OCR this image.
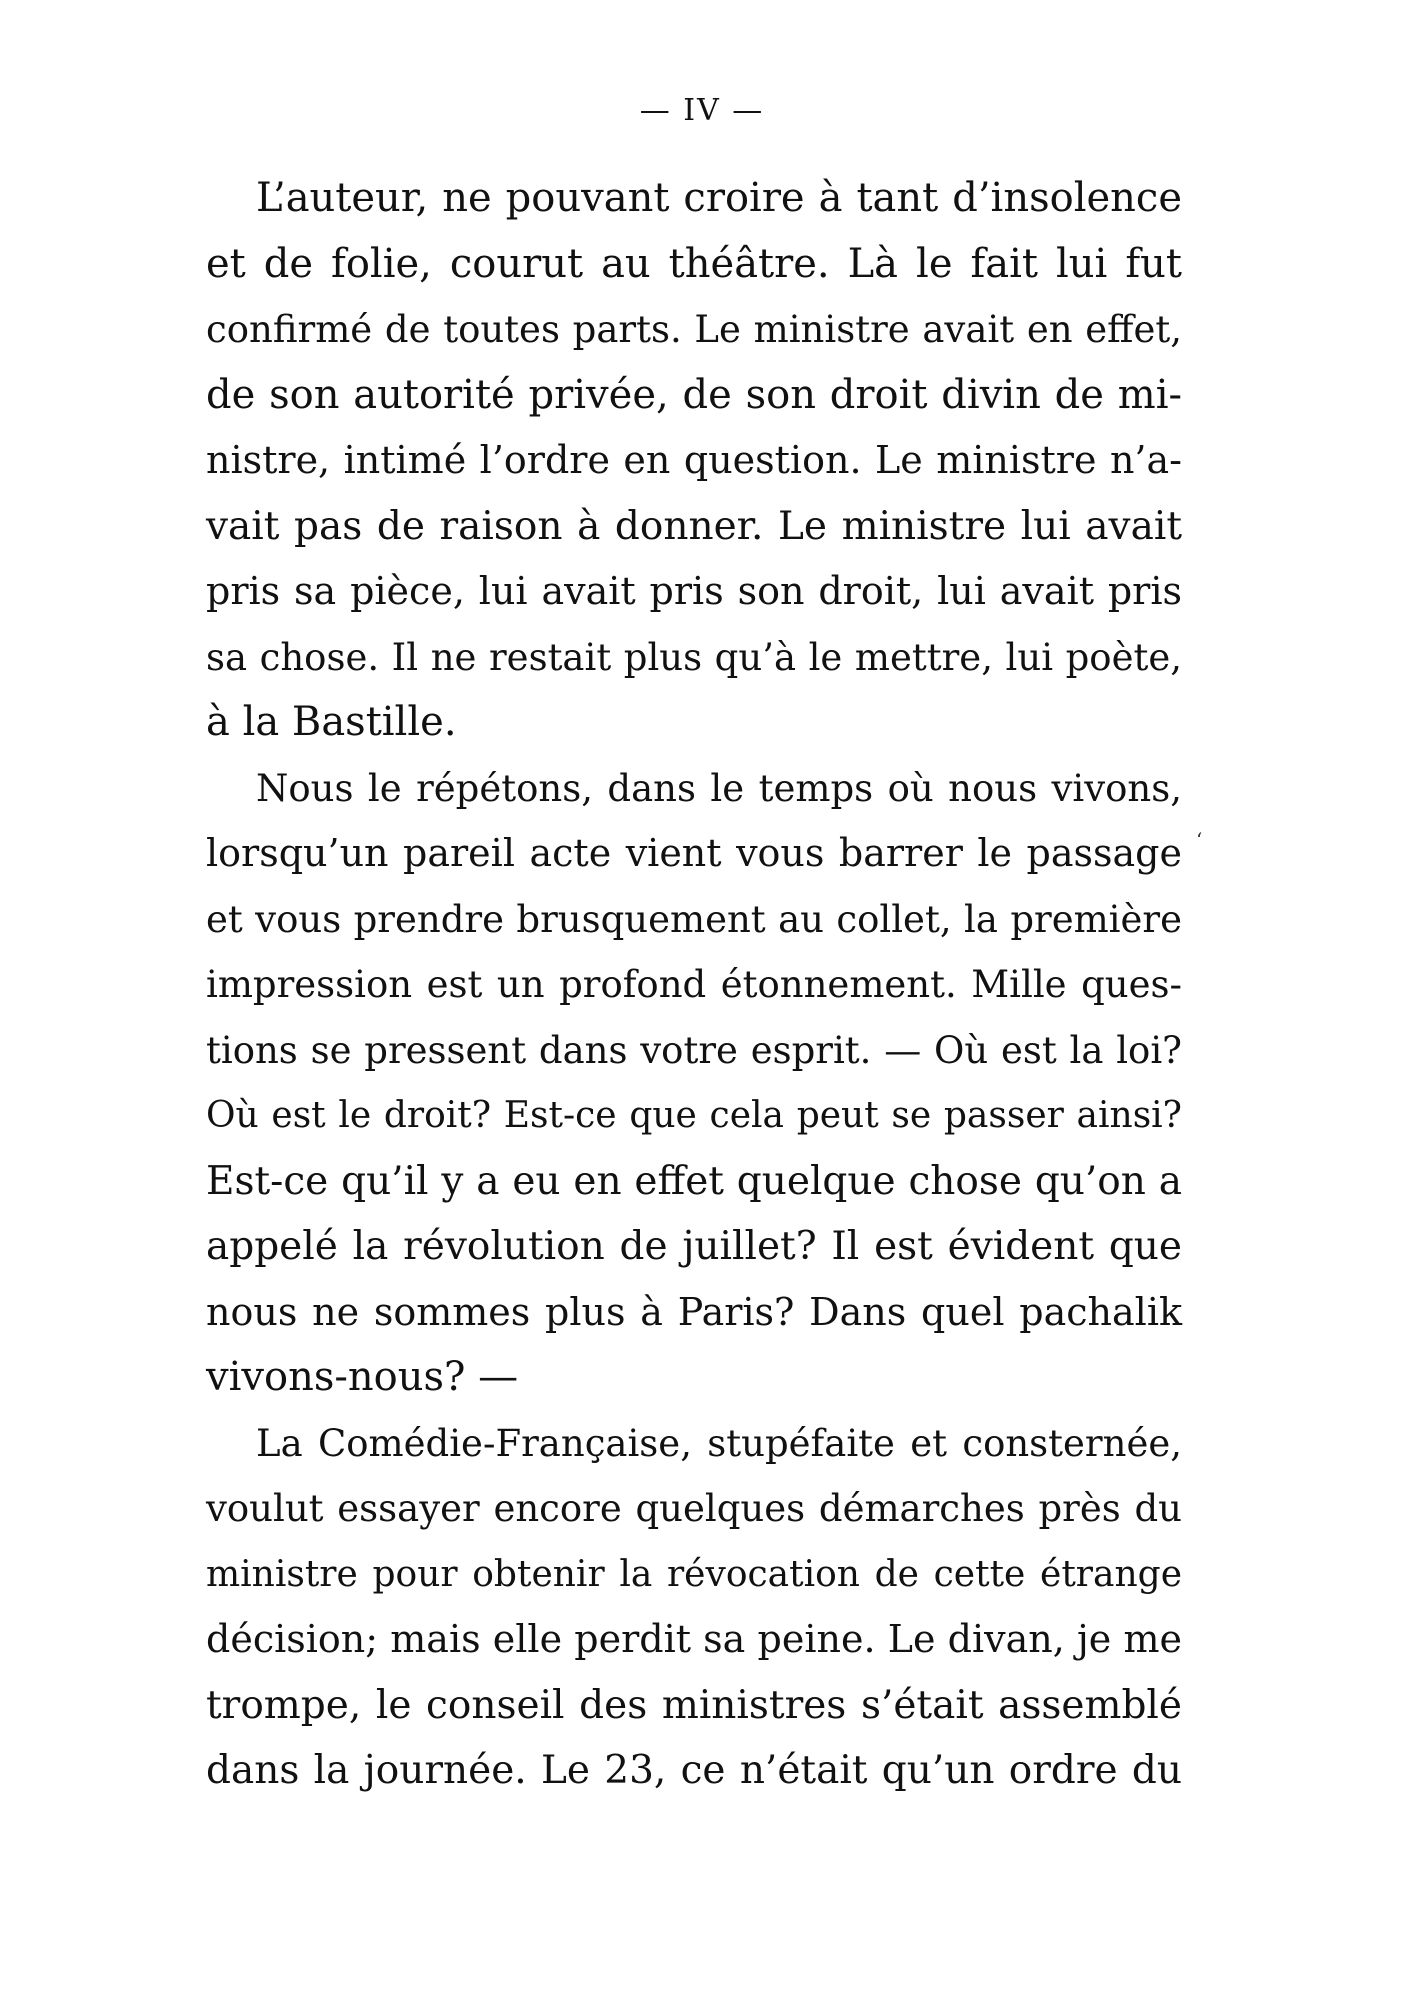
— IV —
L’auteur, ne pouvant croire à tant d’insolence
et de folie, courut au théâtre. Là le fait lui fut
confirmé de toutes parts. Le ministre avait en effet,
de son autorité privée, de son droit divin de mi-
nistre, intimé l’ordre en question. Le ministre n’a-
vait pas de raison à donner. Le ministre lui avait
pris sa pièce, lui avait pris son droit, lui avait pris
sa chose. Il ne restait plus qu’à le mettre, lui poète,
à la Bastille.
Nous le répétons, dans le temps où nous vivons,
lorsqu’un pareil acte vient vous barrer le passage
et vous prendre brusquement au collet, la première
impression est un profond étonnement. Mille ques-
tions se pressent dans votre esprit. — Où est la loi?
Où est le droit? Est-ce que cela peut se passer ainsi?
Est-ce qu’il y a eu en effet quelque chose qu’on a
appelé la révolution de juillet? Il est évident que
nous ne sommes plus à Paris? Dans quel pachalik
vivons-nous? —
La Comédie-Française, stupéfaite et consternée,
voulut essayer encore quelques démarches près du
ministre pour obtenir la révocation de cette étrange
décision; mais elle perdit sa peine. Le divan, je me
trompe, le conseil des ministres s’était assemblé
dans la journée. Le 23, ce n’était qu’un ordre du
‘
